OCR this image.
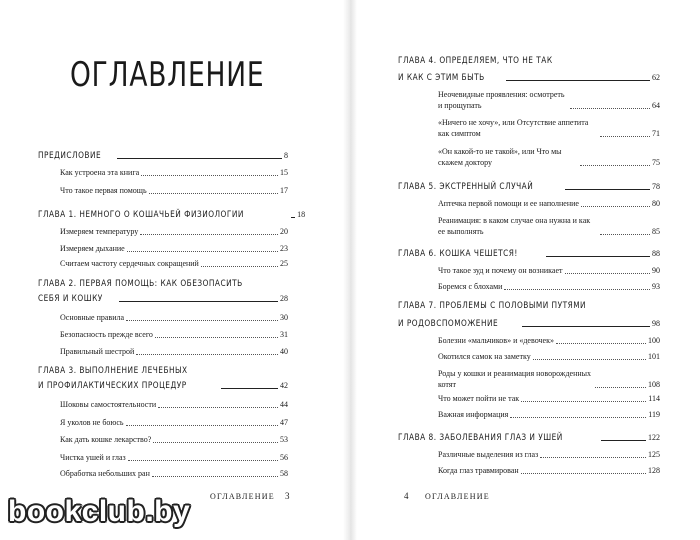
ОГЛАВЛЕНИЕ
ПРЕДИСЛОВИЕ	8
Как устроена эта книга	15
Что такое первая помощь	17
ГЛАВА 1. НЕМНОГО О КОШАЧЬЕЙ ФИЗИОЛОГИИ	18
Измеряем температуру	20
Измеряем дыхание	23
Считаем частоту сердечных сокращений	25
ГЛАВА 2. ПЕРВАЯ ПОМОЩЬ: КАК ОБЕЗОПАСИТЬ
СЕБЯ И КОШКУ	28
Основные правила	30
Безопасность прежде всего	31
Правильный шестрой	40
ГЛАВА 3. ВЫПОЛНЕНИЕ ЛЕЧЕБНЫХ
И ПРОФИЛАКТИЧЕСКИХ ПРОЦЕДУР	42
Шоковы самостоятельности	44
Я уколов не боюсь	47
Как дать кошке лекарство?	53
Чистка ушей и глаз	56
Обработка небольших ран	58
ОГЛАВЛЕНИЕ 3
ГЛАВА 4. ОПРЕДЕЛЯЕМ, ЧТО НЕ ТАК
И КАК С ЭТИМ БЫТЬ	62
Неочевидные проявления: осмотреть и прощупать	64
«Ничего не хочу», или Отсутствие аппетита как симптом	71
«Он какой-то не такой», или Что мы скажем доктору	75
ГЛАВА 5. ЭКСТРЕННЫЙ СЛУЧАЙ	78
Аптечка первой помощи и ее наполнение	80
Реанимация: в каком случае она нужна и как ее выполнять	85
ГЛАВА 6. КОШКА ЧЕШЕТСЯ!	88
Что такое зуд и почему он возникает	90
Боремся с блохами	93
ГЛАВА 7. ПРОБЛЕМЫ С ПОЛОВЫМИ ПУТЯМИ
И РОДОВСПОМОЖЕНИЕ	98
Болезни «мальчиков» и «девочек»	100
Окотился самок на заметку	101
Роды у кошки и реанимация новорожденных котят	108
Что может пойти не так	114
Важная информация	119
ГЛАВА 8. ЗАБОЛЕВАНИЯ ГЛАЗ И УШЕЙ	122
Различные выделения из глаз	125
Когда глаз травмирован	128
4 ОГЛАВЛЕНИЕ
bookclub.by
